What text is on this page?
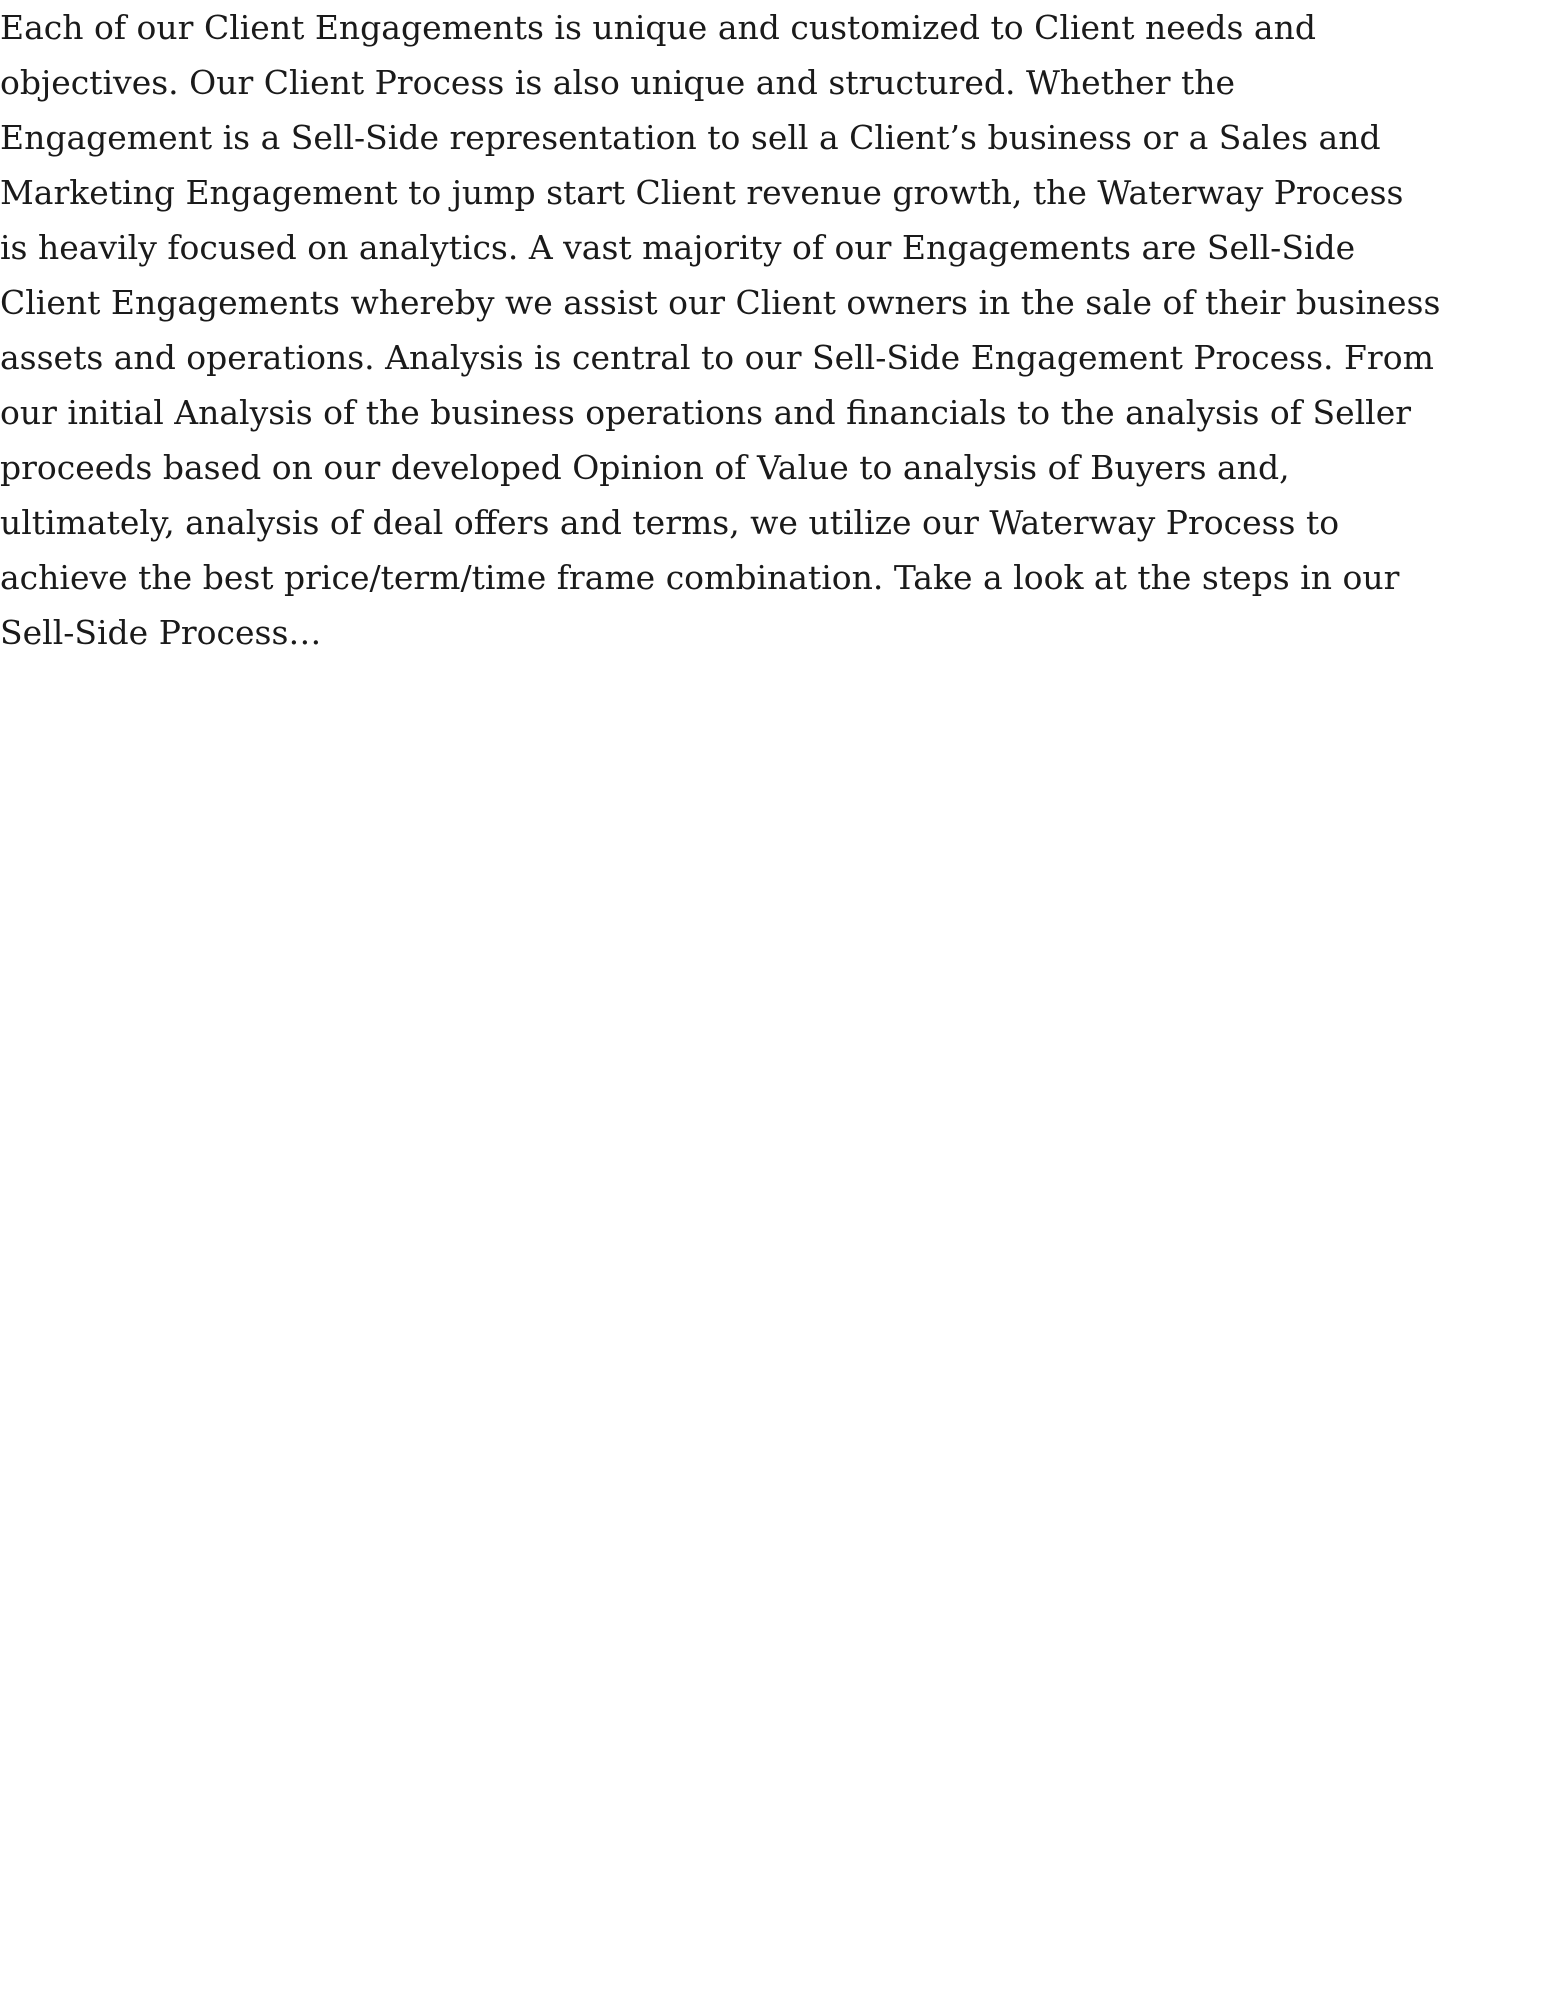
Each of our Client Engagements is unique and customized to Client needs and
objectives. Our Client Process is also unique and structured. Whether the
Engagement is a Sell-Side representation to sell a Client’s business or a Sales and
Marketing Engagement to jump start Client revenue growth, the Waterway Process
is heavily focused on analytics. A vast majority of our Engagements are Sell-Side
Client Engagements whereby we assist our Client owners in the sale of their business
assets and operations. Analysis is central to our Sell-Side Engagement Process. From
our initial Analysis of the business operations and financials to the analysis of Seller
proceeds based on our developed Opinion of Value to analysis of Buyers and,
ultimately, analysis of deal offers and terms, we utilize our Waterway Process to
achieve the best price/term/time frame combination. Take a look at the steps in our
Sell-Side Process…
